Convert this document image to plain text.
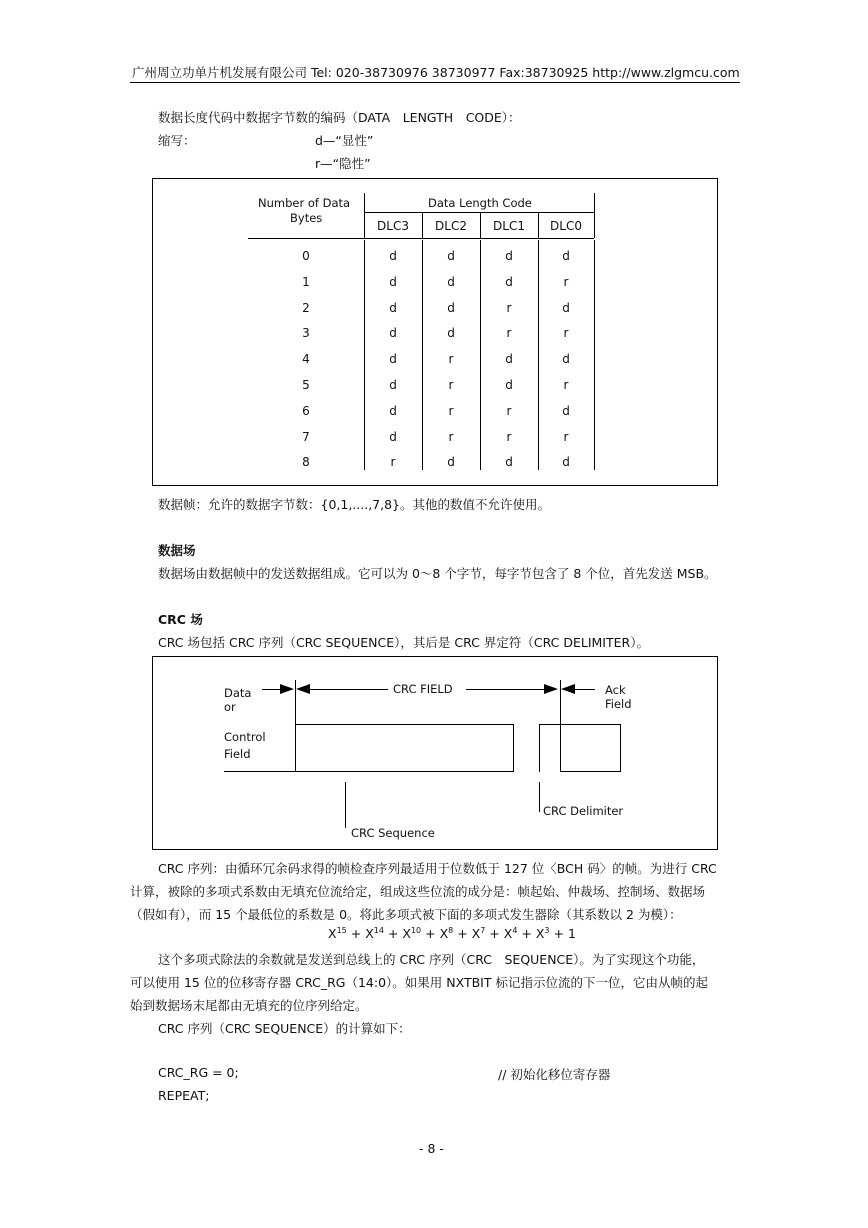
广州周立功单片机发展有限公司 Tel: 020-38730976 38730977 Fax:38730925 http://www.zlgmcu.com
数据长度代码中数据字节数的编码（DATA　LENGTH　CODE）：
缩写：	d—“显性”
r—“隐性”
Number of Data
Bytes
Data Length Code
DLC3	DLC2	DLC1	DLC0
0	d	d	d	d
1	d	d	d	r
2	d	d	r	d
3	d	d	r	r
4	d	r	d	d
5	d	r	d	r
6	d	r	r	d
7	d	r	r	r
8	r	d	d	d
数据帧：允许的数据字节数：{0,1,....,7,8}。其他的数值不允许使用。
数据场
数据场由数据帧中的发送数据组成。它可以为 0～8 个字节，每字节包含了 8 个位，首先发送 MSB。
CRC 场
CRC 场包括 CRC 序列（CRC SEQUENCE），其后是 CRC 界定符（CRC DELIMITER）。
Data
or
CRC FIELD	Ack
Field
Control
Field
CRC Delimiter
CRC Sequence
CRC 序列：由循环冗余码求得的帧检查序列最适用于位数低于 127 位〈BCH 码〉的帧。为进行 CRC
计算，被除的多项式系数由无填充位流给定，组成这些位流的成分是：帧起始、仲裁场、控制场、数据场
（假如有），而 15 个最低位的系数是 0。将此多项式被下面的多项式发生器除（其系数以 2 为模）：
$X^{15} + X^{14} + X^{10} + X^8 + X^7 + X^4 + X^3 + 1$
这个多项式除法的余数就是发送到总线上的 CRC 序列（CRC　SEQUENCE）。为了实现这个功能，
可以使用 15 位的位移寄存器 CRC_RG（14:0）。如果用 NXTBIT 标记指示位流的下一位，它由从帧的起
始到数据场末尾都由无填充的位序列给定。
CRC 序列（CRC SEQUENCE）的计算如下：
CRC_RG = 0;	// 初始化移位寄存器
REPEAT;
- 8 -
